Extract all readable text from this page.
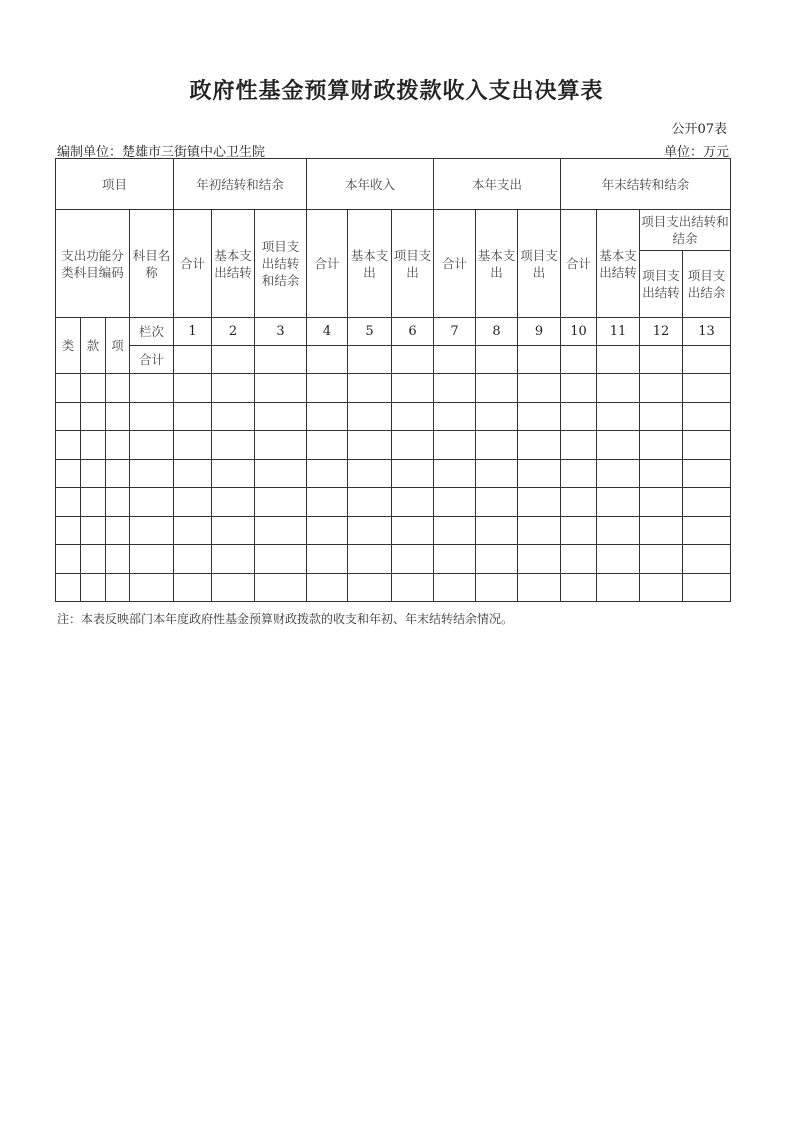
政府性基金预算财政拨款收入支出决算表
公开07表
编制单位：楚雄市三街镇中心卫生院	单位：万元
项目				年初结转和结余			本年收入			本年支出			年末结转和结余			
支出功能分类科目编码			科目名称	合计	基本支出结转	项目支出结转和结余	合计	基本支出	项目支出	合计	基本支出	项目支出	合计	基本支出结转	项目支出结转和结余	
															项目支出结转	项目支出结余
类	款	项	栏次	1	2	3	4	5	6	7	8	9	10	11	12	13
			合计													

注：本表反映部门本年度政府性基金预算财政拨款的收支和年初、年末结转结余情况。
